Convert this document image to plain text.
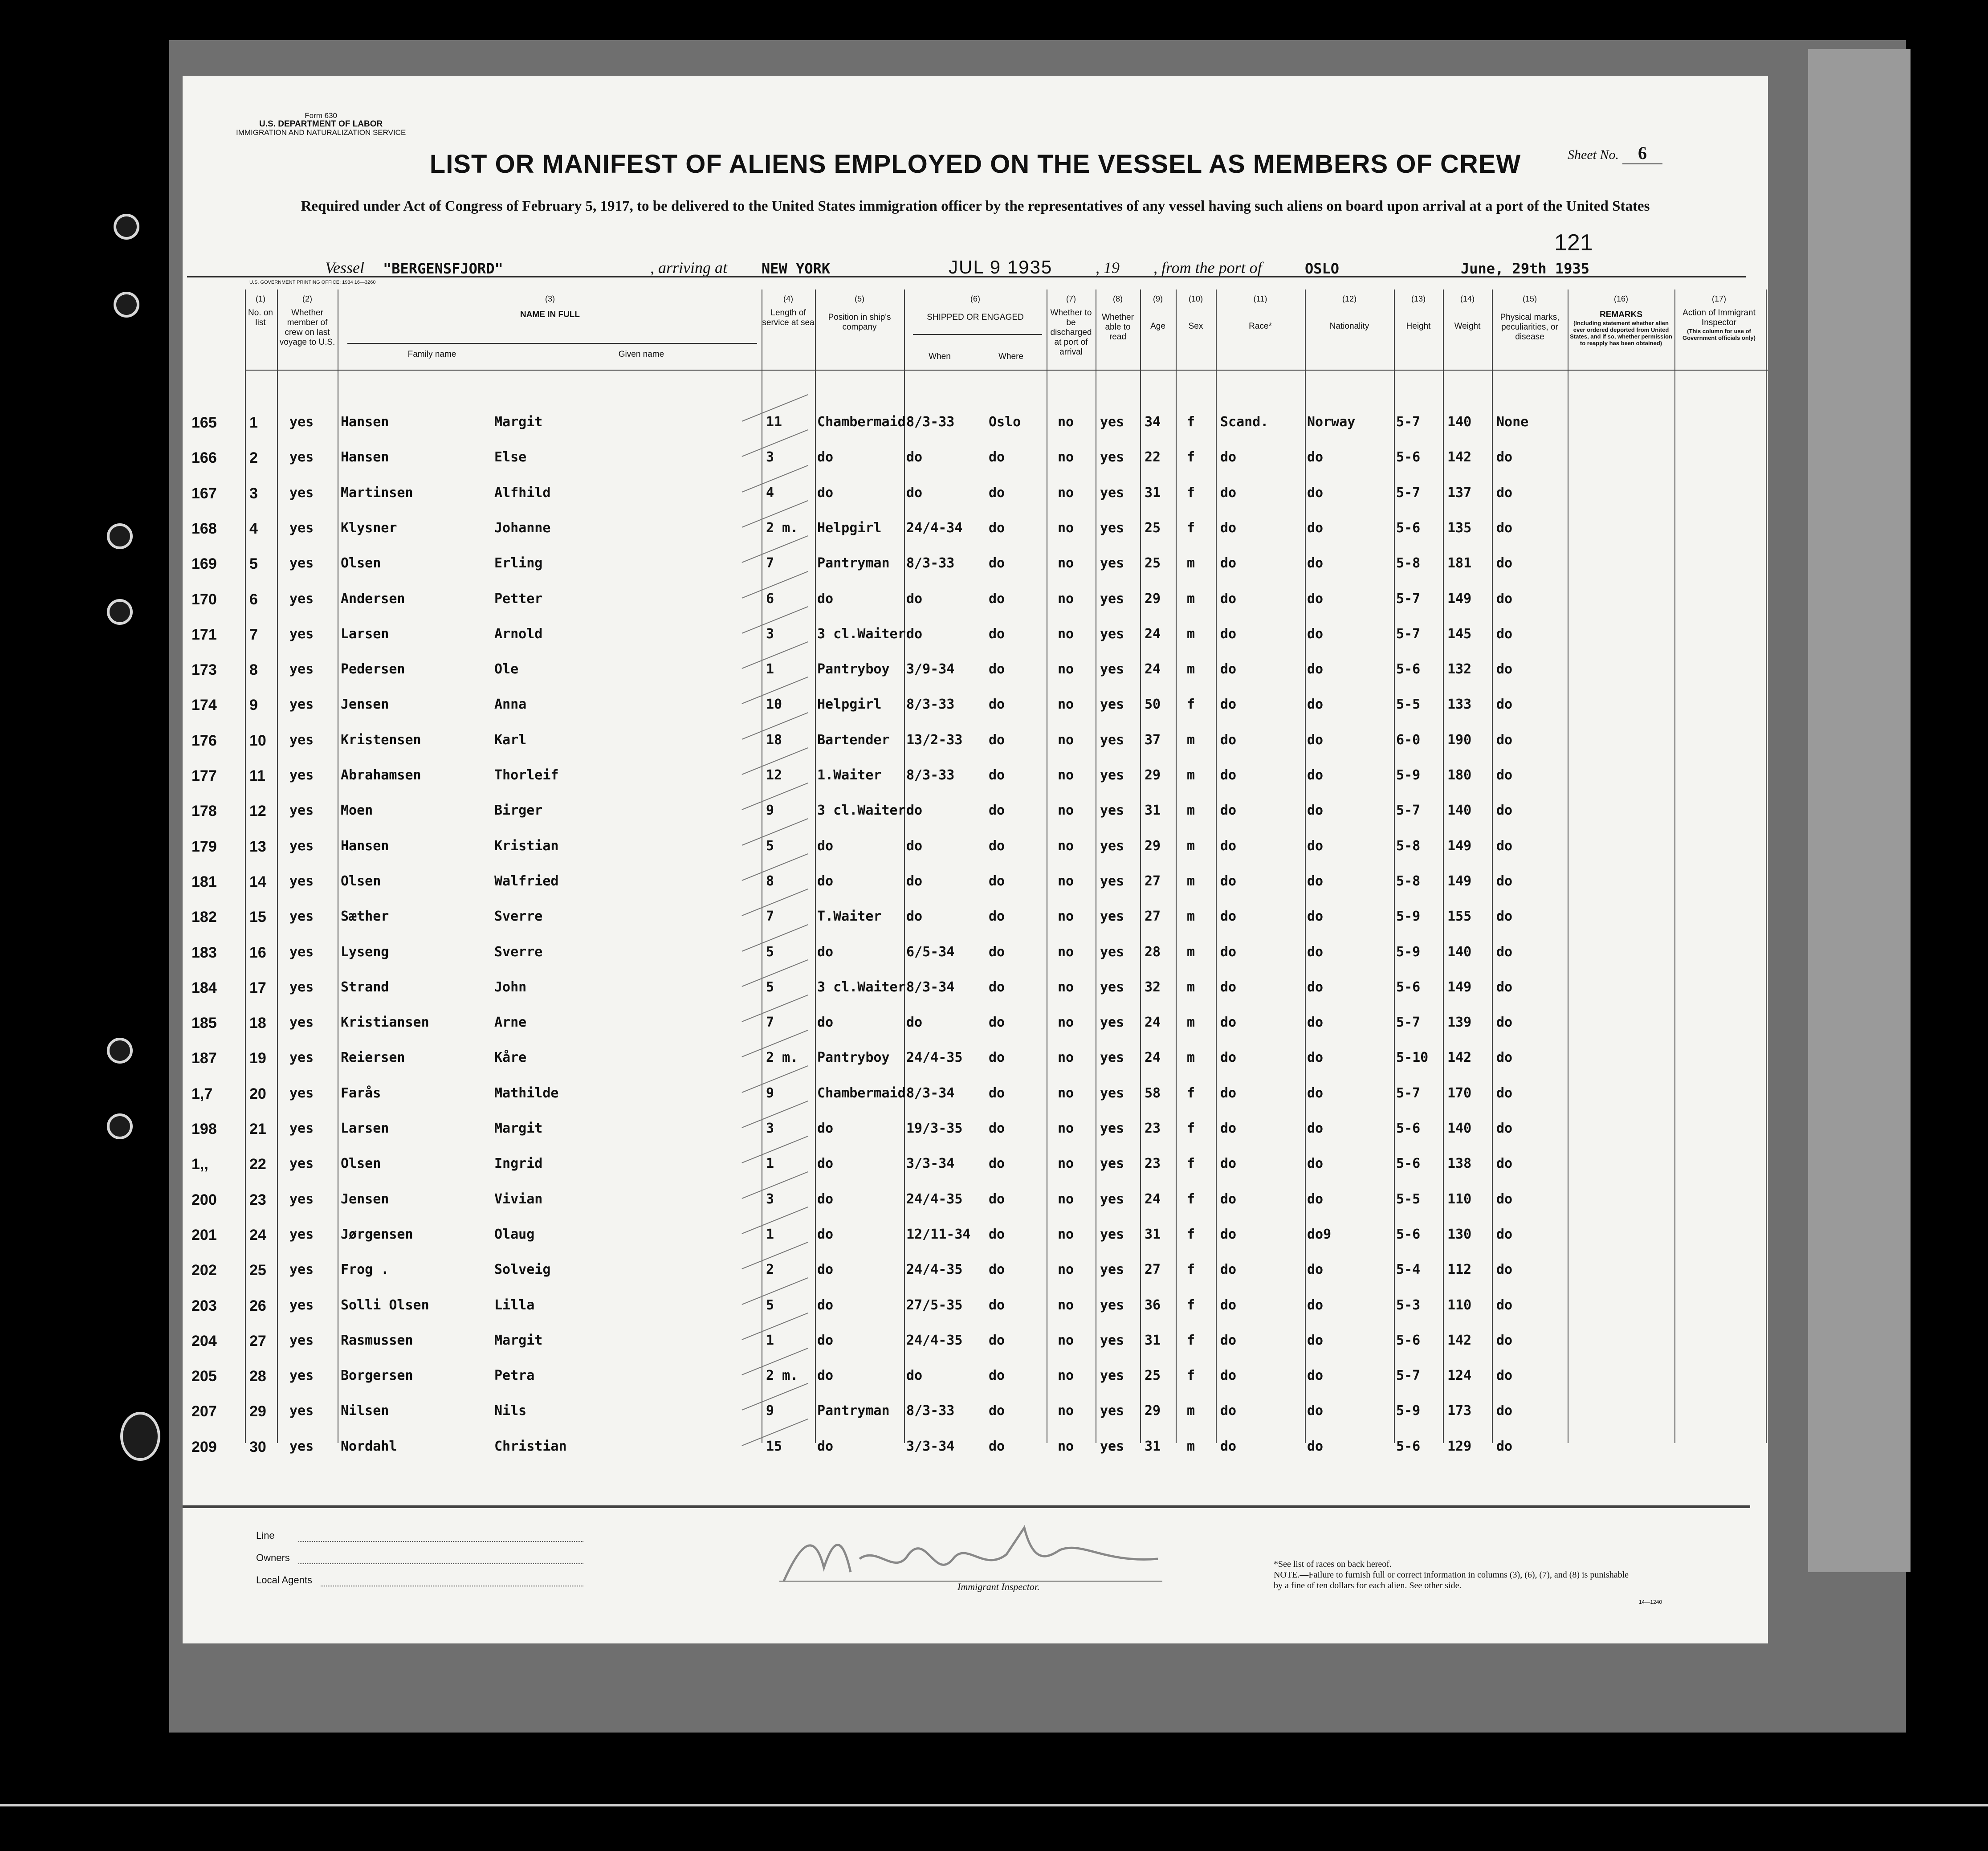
Form 630
U.S. DEPARTMENT OF LABOR
IMMIGRATION AND NATURALIZATION SERVICE
Sheet No. 6
LIST OR MANIFEST OF ALIENS EMPLOYED ON THE VESSEL AS MEMBERS OF CREW
Required under Act of Congress of February 5, 1917, to be delivered to the United States immigration officer by the representatives of any vessel having such aliens on board upon arrival at a port of the United States
121
Vessel "BERGENSFJORD"	, arriving at NEW YORK	JUL 9 1935	, 19 , from the port of	OSLO	June, 29th 1935
U.S. GOVERNMENT PRINTING OFFICE: 1934 16—3260
(1)
No. on list
(2)
Whether member of crew on last voyage to U.S.
(3)
NAME IN FULL
Family name	Given name
(4)
Length of service at sea
(5)
Position in ship's company
(6)
SHIPPED OR ENGAGED
When	Where
(7)
Whether to be discharged at port of arrival
(8)
Whether able to read
(9)
Age
(10)
Sex
(11)
Race*
(12)
Nationality
(13)
Height
(14)
Weight
(15)
Physical marks, peculiarities, or disease
(16)
REMARKS
(Including statement whether alien ever ordered deported from United States, and if so, whether permission to reapply has been obtained)
(17)
Action of Immigrant Inspector
(This column for use of Government officials only)
165 1 yes Hansen	Margit	11	Chambermaid 8/3-33	Oslo	no yes 34 f Scand.	Norway	5-7 140 None
166 2 yes Hansen	Else	3	do	do	do	no yes 22 f do	do	5-6 142 do
167 3 yes Martinsen	Alfhild	4	do	do	do	no yes 31 f do	do	5-7 137 do
168 4 yes Klysner	Johanne	2 m. Helpgirl 24/4-34 do	no yes 25 f do	do	5-6 135 do
169 5 yes Olsen	Erling	7	Pantryman 8/3-33	do	no yes 25 m do	do	5-8 181 do
170 6 yes Andersen	Petter	6	do	do	do	no yes 29 m do	do	5-7 149 do
171 7 yes Larsen	Arnold	3	3 cl.Waiter do	do	no yes 24 m do	do	5-7 145 do
173 8 yes Pedersen	Ole	1	Pantryboy 3/9-34	do	no yes 24 m do	do	5-6 132 do
174 9 yes Jensen	Anna	10	Helpgirl 8/3-33	do	no yes 50 f do	do	5-5 133 do
176 10 yes Kristensen	Karl	18	Bartender 13/2-33 do	no yes 37 m do	do	6-0 190 do
177 11 yes Abrahamsen	Thorleif	12	1.Waiter 8/3-33	do	no yes 29 m do	do	5-9 180 do
178 12 yes Moen	Birger	9	3 cl.Waiter do	do	no yes 31 m do	do	5-7 140 do
179 13 yes Hansen	Kristian	5	do	do	do	no yes 29 m do	do	5-8 149 do
181 14 yes Olsen	Walfried	8	do	do	do	no yes 27 m do	do	5-8 149 do
182 15 yes Sæther	Sverre	7	T.Waiter do	do	no yes 27 m do	do	5-9 155 do
183 16 yes Lyseng	Sverre	5	do	6/5-34	do	no yes 28 m do	do	5-9 140 do
184 17 yes Strand	John	5	3 cl.Waiter 8/3-34	do	no yes 32 m do	do	5-6 149 do
185 18 yes Kristiansen	Arne	7	do	do	do	no yes 24 m do	do	5-7 139 do
187 19 yes Reiersen	Kåre	2 m. Pantryboy 24/4-35 do	no yes 24 m do	do	5-10 142 do
1,7 20 yes Farås	Mathilde	9	Chambermaid 8/3-34	do	no yes 58 f do	do	5-7 170 do
198 21 yes Larsen	Margit	3	do	19/3-35 do	no yes 23 f do	do	5-6 140 do
1,,	22 yes Olsen	Ingrid	1	do	3/3-34	do	no yes 23 f do	do	5-6 138 do
200 23 yes Jensen	Vivian	3	do	24/4-35 do	no yes 24 f do	do	5-5 110 do
201 24 yes Jørgensen	Olaug	1	do	12/11-34 do	no yes 31 f do	do9	5-6 130 do
202 25 yes Frog .	Solveig	2	do	24/4-35 do	no yes 27 f do	do	5-4 112 do
203 26 yes Solli Olsen	Lilla	5	do	27/5-35 do	no yes 36 f do	do	5-3 110 do
204 27 yes Rasmussen	Margit	1	do	24/4-35 do	no yes 31 f do	do	5-6 142 do
205 28 yes Borgersen	Petra	2 m. do	do	do	no yes 25 f do	do	5-7 124 do
207 29 yes Nilsen	Nils	9	Pantryman 8/3-33	do	no yes 29 m do	do	5-9 173 do
209 30 yes Nordahl	Christian	15	do	3/3-34	do	no yes 31 m do	do	5-6 129 do
Line
Owners
Local Agents
Immigrant Inspector.
*See list of races on back hereof.
NOTE.—Failure to furnish full or correct information in columns (3), (6), (7), and (8) is punishable by a fine of ten dollars for each alien. See other side.
14—1240
